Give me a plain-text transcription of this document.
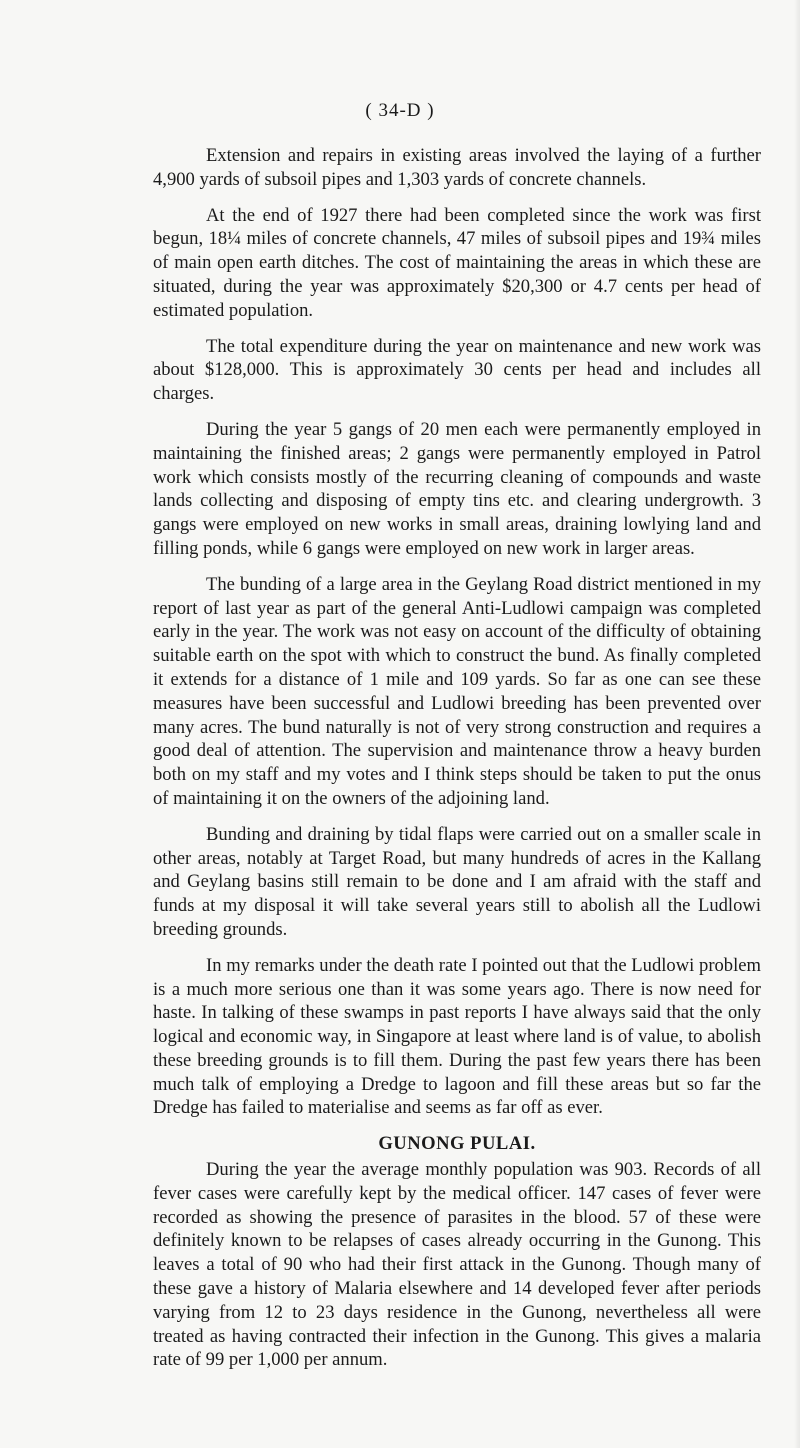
( 34-D )

Extension and repairs in existing areas involved the laying of a further 4,900 yards of subsoil pipes and 1,303 yards of concrete channels.

At the end of 1927 there had been completed since the work was first begun, 18¼ miles of concrete channels, 47 miles of subsoil pipes and 19¾ miles of main open earth ditches. The cost of maintaining the areas in which these are situated, during the year was approximately $20,300 or 4.7 cents per head of estimated population.

The total expenditure during the year on maintenance and new work was about $128,000. This is approximately 30 cents per head and includes all charges.

During the year 5 gangs of 20 men each were permanently employed in maintaining the finished areas; 2 gangs were permanently employed in Patrol work which consists mostly of the recurring cleaning of compounds and waste lands collecting and disposing of empty tins etc. and clearing undergrowth. 3 gangs were employed on new works in small areas, draining lowlying land and filling ponds, while 6 gangs were employed on new work in larger areas.

The bunding of a large area in the Geylang Road district mentioned in my report of last year as part of the general Anti-Ludlowi campaign was completed early in the year. The work was not easy on account of the difficulty of obtaining suitable earth on the spot with which to construct the bund. As finally completed it extends for a distance of 1 mile and 109 yards. So far as one can see these measures have been successful and Ludlowi breeding has been prevented over many acres. The bund naturally is not of very strong construction and requires a good deal of attention. The supervision and maintenance throw a heavy burden both on my staff and my votes and I think steps should be taken to put the onus of maintaining it on the owners of the adjoining land.

Bunding and draining by tidal flaps were carried out on a smaller scale in other areas, notably at Target Road, but many hundreds of acres in the Kallang and Geylang basins still remain to be done and I am afraid with the staff and funds at my disposal it will take several years still to abolish all the Ludlowi breeding grounds.

In my remarks under the death rate I pointed out that the Ludlowi problem is a much more serious one than it was some years ago. There is now need for haste. In talking of these swamps in past reports I have always said that the only logical and economic way, in Singapore at least where land is of value, to abolish these breeding grounds is to fill them. During the past few years there has been much talk of employing a Dredge to lagoon and fill these areas but so far the Dredge has failed to materialise and seems as far off as ever.

GUNONG PULAI.

During the year the average monthly population was 903. Records of all fever cases were carefully kept by the medical officer. 147 cases of fever were recorded as showing the presence of parasites in the blood. 57 of these were definitely known to be relapses of cases already occurring in the Gunong. This leaves a total of 90 who had their first attack in the Gunong. Though many of these gave a history of Malaria elsewhere and 14 developed fever after periods varying from 12 to 23 days residence in the Gunong, nevertheless all were treated as having contracted their infection in the Gunong. This gives a malaria rate of 99 per 1,000 per annum.
